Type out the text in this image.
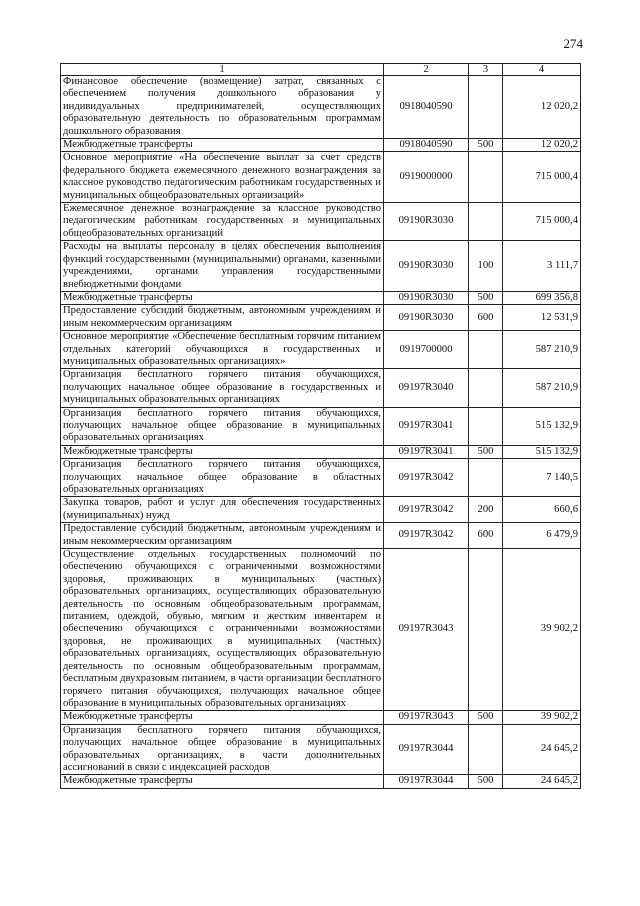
274
1	2	3	4
Финансовое обеспечение (возмещение) затрат, связанных с обеспечением получения дошкольного образования у индивидуальных предпринимателей, осуществляющих образовательную деятельность по образовательным программам дошкольного образования	0918040590		12 020,2
Межбюджетные трансферты	0918040590	500	12 020,2
Основное мероприятие «На обеспечение выплат за счет средств федерального бюджета ежемесячного денежного вознаграждения за классное руководство педагогическим работникам государственных и муниципальных общеобразовательных организаций»	0919000000		715 000,4
Ежемесячное денежное вознаграждение за классное руководство педагогическим работникам государственных и муниципальных общеобразовательных организаций	09190R3030		715 000,4
Расходы на выплаты персоналу в целях обеспечения выполнения функций государственными (муниципальными) органами, казенными учреждениями, органами управления государственными внебюджетными фондами	09190R3030	100	3 111,7
Межбюджетные трансферты	09190R3030	500	699 356,8
Предоставление субсидий бюджетным, автономным учреждениям и иным некоммерческим организациям	09190R3030	600	12 531,9
Основное мероприятие «Обеспечение бесплатным горячим питанием отдельных категорий обучающихся в государственных и муниципальных образовательных организациях»	0919700000		587 210,9
Организация бесплатного горячего питания обучающихся, получающих начальное общее образование в государственных и муниципальных образовательных организациях	09197R3040		587 210,9
Организация бесплатного горячего питания обучающихся, получающих начальное общее образование в муниципальных образовательных организациях	09197R3041		515 132,9
Межбюджетные трансферты	09197R3041	500	515 132,9
Организация бесплатного горячего питания обучающихся, получающих начальное общее образование в областных образовательных организациях	09197R3042		7 140,5
Закупка товаров, работ и услуг для обеспечения государственных (муниципальных) нужд	09197R3042	200	660,6
Предоставление субсидий бюджетным, автономным учреждениям и иным некоммерческим организациям	09197R3042	600	6 479,9
Осуществление отдельных государственных полномочий по обеспечению обучающихся с ограниченными возможностями здоровья, проживающих в муниципальных (частных) образовательных организациях, осуществляющих образовательную деятельность по основным общеобразовательным программам, питанием, одеждой, обувью, мягким и жестким инвентарем и обеспечению обучающихся с ограниченными возможностями здоровья, не проживающих в муниципальных (частных) образовательных организациях, осуществляющих образовательную деятельность по основным общеобразовательным программам, бесплатным двухразовым питанием, в части организации бесплатного горячего питания обучающихся, получающих начальное общее образование в муниципальных образовательных организациях	09197R3043		39 902,2
Межбюджетные трансферты	09197R3043	500	39 902,2
Организация бесплатного горячего питания обучающихся, получающих начальное общее образование в муниципальных образовательных организациях, в части дополнительных ассигнований в связи с индексацией расходов	09197R3044		24 645,2
Межбюджетные трансферты	09197R3044	500	24 645,2
